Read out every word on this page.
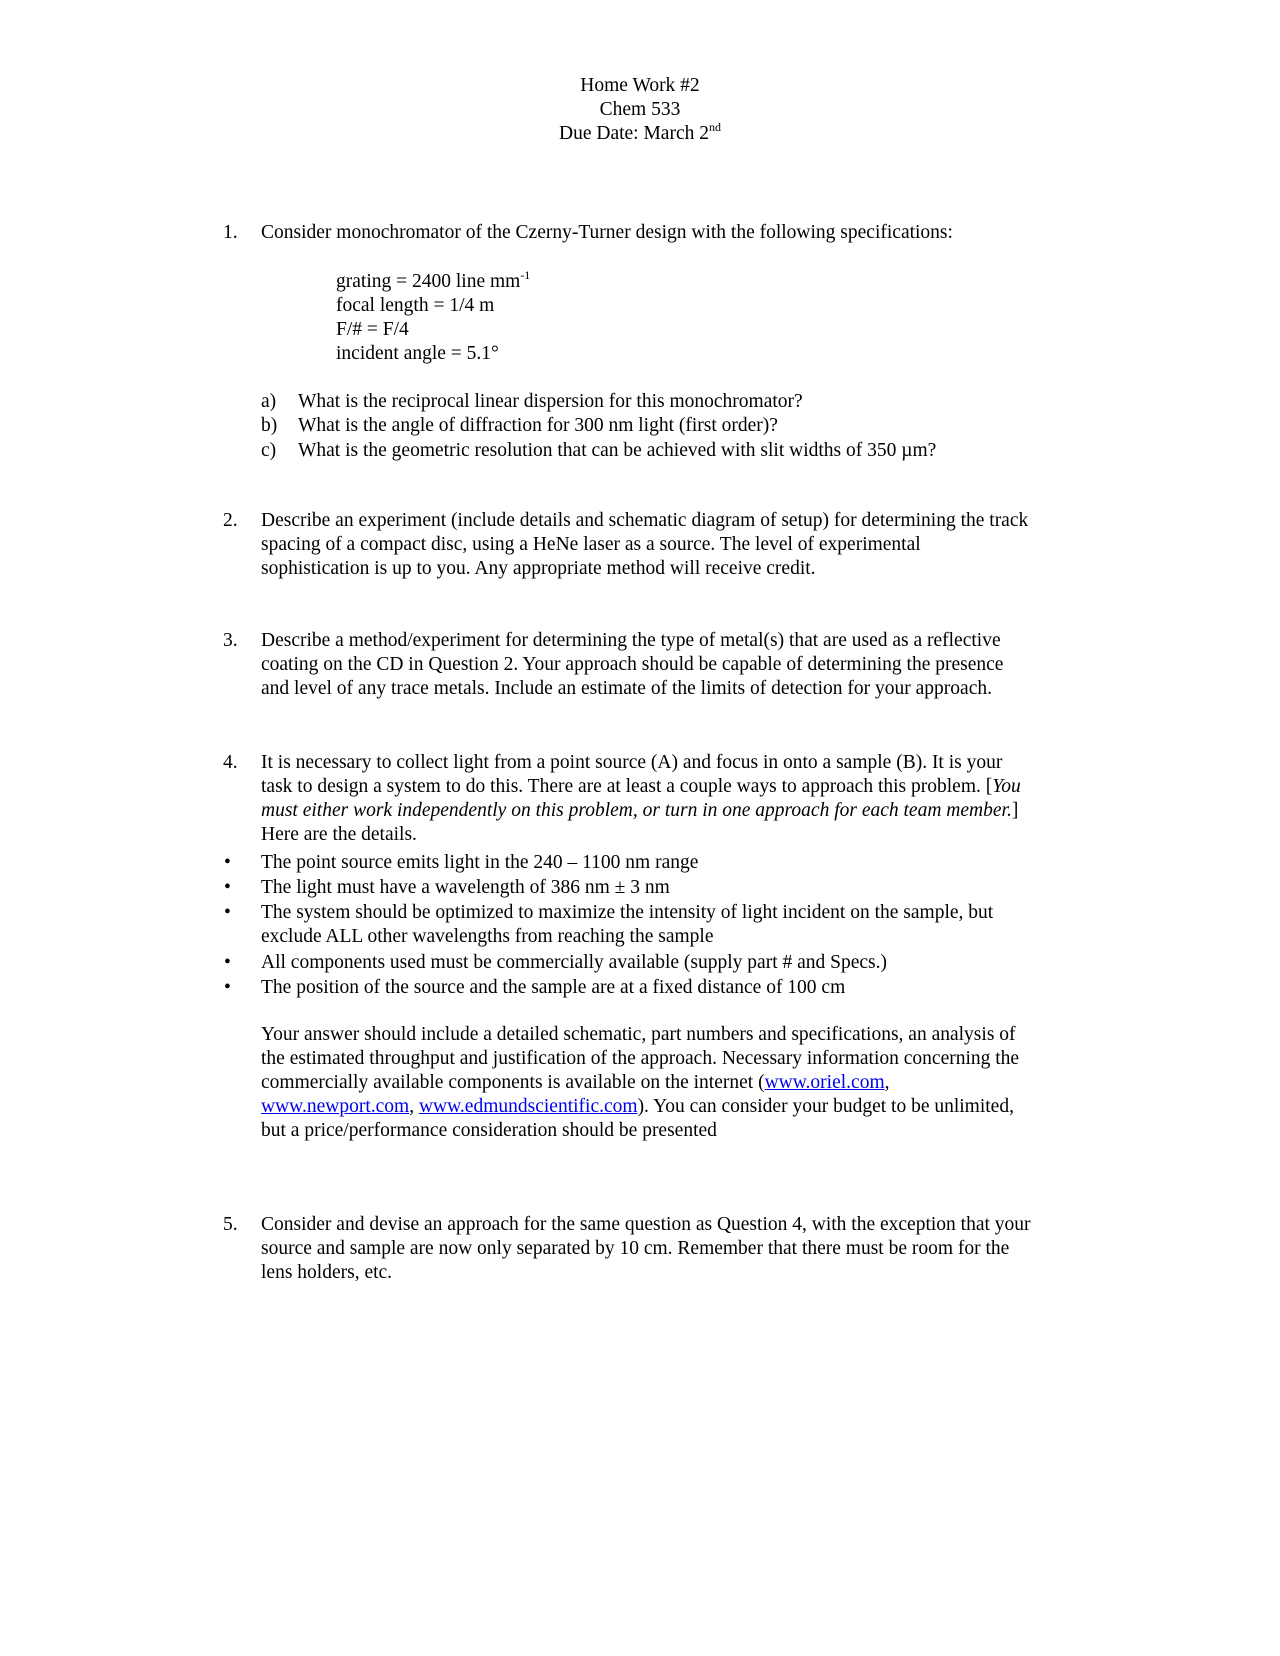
Home Work #2
Chem 533
Due Date: March 2nd
1. Consider monochromator of the Czerny-Turner design with the following specifications:
grating = 2400 line $mm^{-1}$
focal length = 1/4 m
F/# = F/4
incident angle = 5.1°
a) What is the reciprocal linear dispersion for this monochromator?
b) What is the angle of diffraction for 300 nm light (first order)?
c) What is the geometric resolution that can be achieved with slit widths of 350 µm?
2. Describe an experiment (include details and schematic diagram of setup) for determining the track
spacing of a compact disc, using a HeNe laser as a source. The level of experimental
sophistication is up to you. Any appropriate method will receive credit.
3. Describe a method/experiment for determining the type of metal(s) that are used as a reflective
coating on the CD in Question 2. Your approach should be capable of determining the presence
and level of any trace metals. Include an estimate of the limits of detection for your approach.
4. It is necessary to collect light from a point source (A) and focus in onto a sample (B). It is your
task to design a system to do this. There are at least a couple ways to approach this problem. [You
must either work independently on this problem, or turn in one approach for each team member.]
Here are the details.
• The point source emits light in the 240 – 1100 nm range
• The light must have a wavelength of 386 nm ± 3 nm
• The system should be optimized to maximize the intensity of light incident on the sample, but
exclude ALL other wavelengths from reaching the sample
• All components used must be commercially available (supply part # and Specs.)
• The position of the source and the sample are at a fixed distance of 100 cm
Your answer should include a detailed schematic, part numbers and specifications, an analysis of
the estimated throughput and justification of the approach. Necessary information concerning the
commercially available components is available on the internet (www.oriel.com,
www.newport.com, www.edmundscientific.com). You can consider your budget to be unlimited,
but a price/performance consideration should be presented
5. Consider and devise an approach for the same question as Question 4, with the exception that your
source and sample are now only separated by 10 cm. Remember that there must be room for the
lens holders, etc.
